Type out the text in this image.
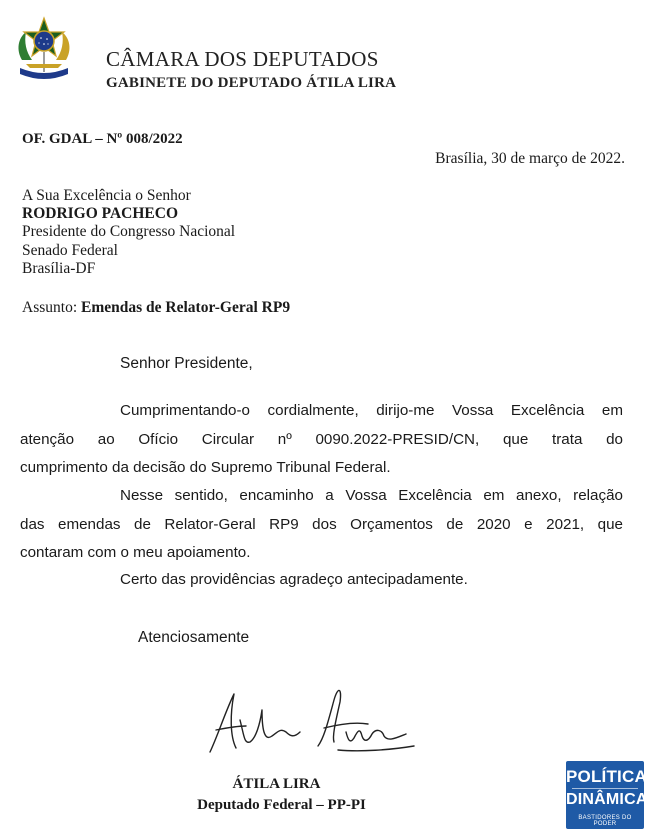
CÂMARA DOS DEPUTADOS
GABINETE DO DEPUTADO ÁTILA LIRA
OF. GDAL – Nº 008/2022
Brasília, 30 de março de 2022.
A Sua Excelência o Senhor
RODRIGO PACHECO
Presidente do Congresso Nacional
Senado Federal
Brasília-DF
Assunto: Emendas de Relator-Geral RP9
Senhor Presidente,
Cumprimentando-o cordialmente, dirijo-me Vossa Excelência em
atenção ao Ofício Circular nº 0090.2022-PRESID/CN, que trata do
cumprimento da decisão do Supremo Tribunal Federal.
Nesse sentido, encaminho a Vossa Excelência em anexo, relação
das emendas de Relator-Geral RP9 dos Orçamentos de 2020 e 2021, que
contaram com o meu apoiamento.
Certo das providências agradeço antecipadamente.
Atenciosamente
ÁTILA LIRA
Deputado Federal – PP-PI
POLÍTICA
DINÂMICA
BASTIDORES DO PODER
